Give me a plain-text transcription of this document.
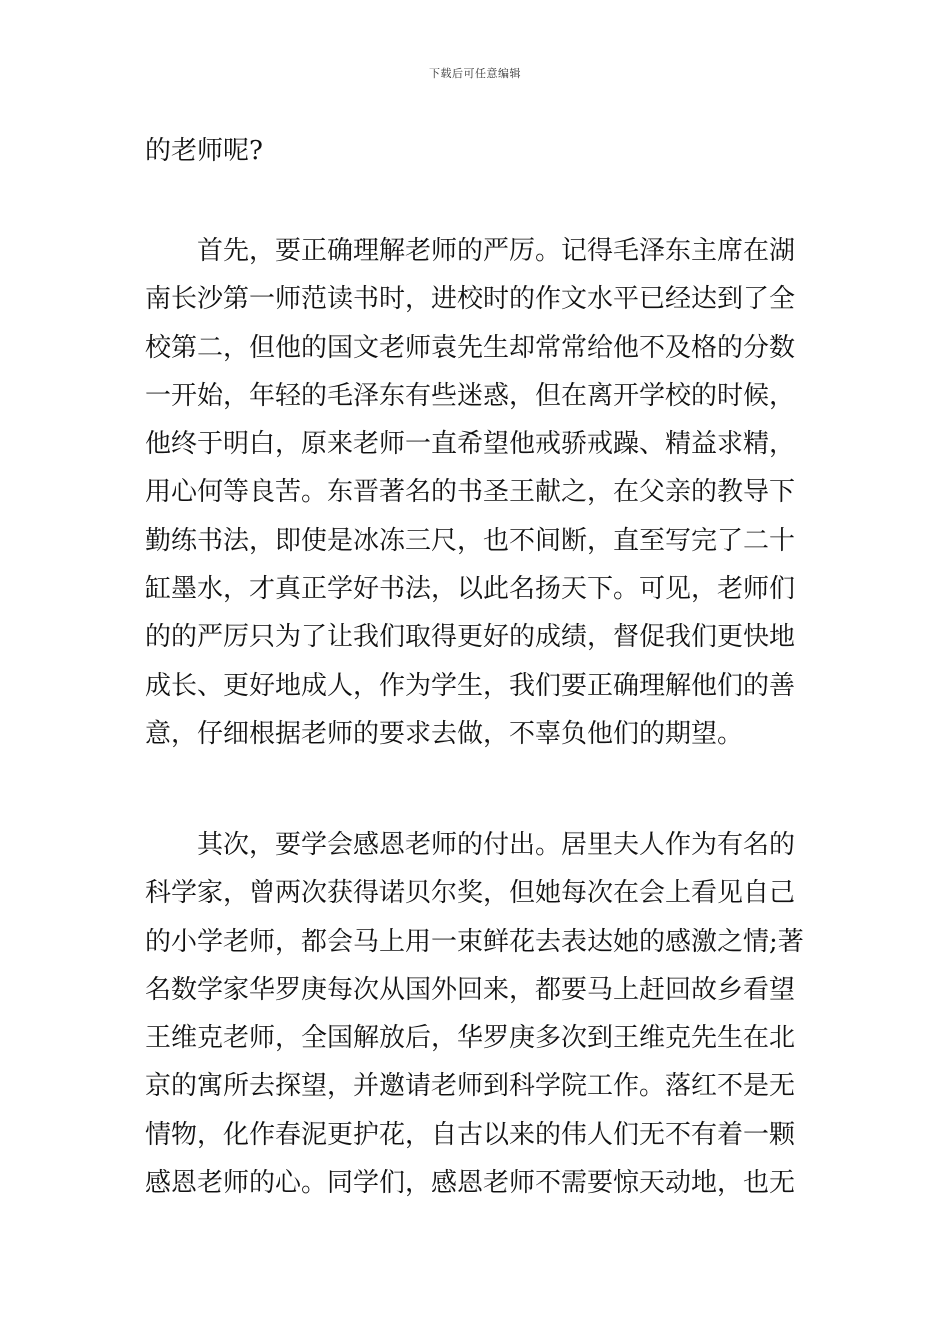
下载后可任意编辑
的老师呢?
　　首先，要正确理解老师的严厉。记得毛泽东主席在湖
南长沙第一师范读书时，进校时的作文水平已经达到了全
校第二，但他的国文老师袁先生却常常给他不及格的分数
一开始，年轻的毛泽东有些迷惑，但在离开学校的时候，
他终于明白，原来老师一直希望他戒骄戒躁、精益求精，
用心何等良苦。东晋著名的书圣王献之，在父亲的教导下
勤练书法，即使是冰冻三尺，也不间断，直至写完了二十
缸墨水，才真正学好书法，以此名扬天下。可见，老师们
的的严厉只为了让我们取得更好的成绩，督促我们更快地
成长、更好地成人，作为学生，我们要正确理解他们的善
意，仔细根据老师的要求去做，不辜负他们的期望。
　　其次，要学会感恩老师的付出。居里夫人作为有名的
科学家，曾两次获得诺贝尔奖，但她每次在会上看见自己
的小学老师，都会马上用一束鲜花去表达她的感激之情;著
名数学家华罗庚每次从国外回来，都要马上赶回故乡看望
王维克老师，全国解放后，华罗庚多次到王维克先生在北
京的寓所去探望，并邀请老师到科学院工作。落红不是无
情物，化作春泥更护花，自古以来的伟人们无不有着一颗
感恩老师的心。同学们，感恩老师不需要惊天动地，也无
